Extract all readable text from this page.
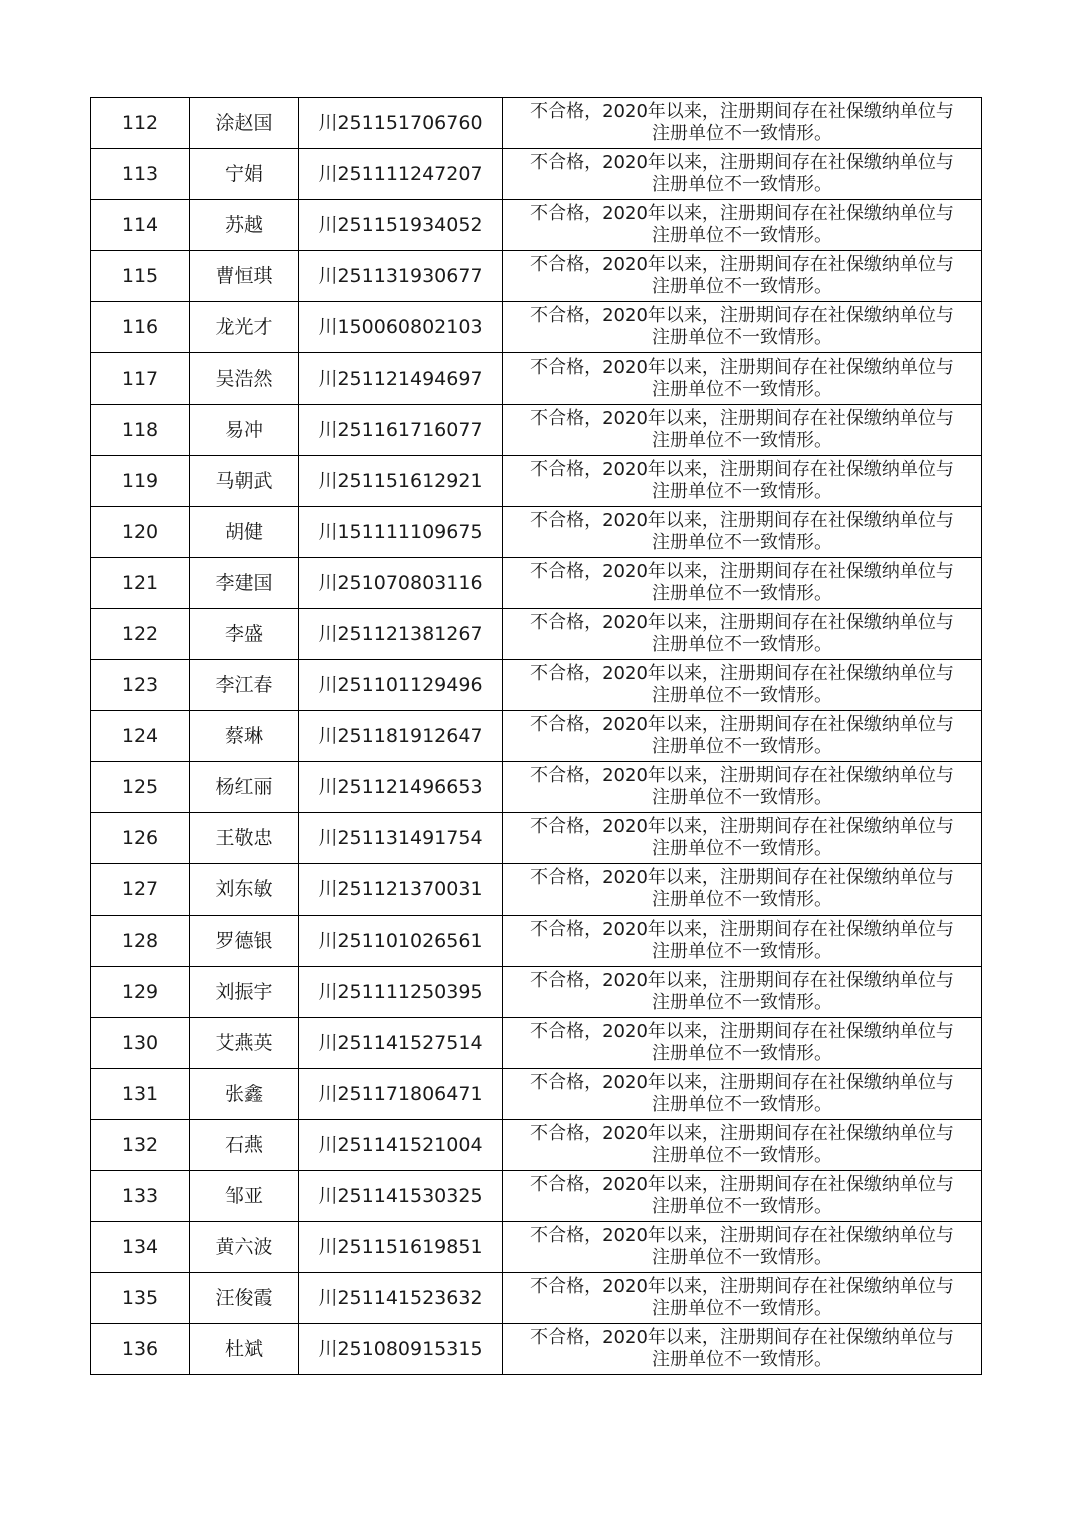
112	涂赵国	川251151706760	不合格，2020年以来，注册期间存在社保缴纳单位与
注册单位不一致情形。

113	宁娟	川251111247207	不合格，2020年以来，注册期间存在社保缴纳单位与
注册单位不一致情形。

114	苏越	川251151934052	不合格，2020年以来，注册期间存在社保缴纳单位与
注册单位不一致情形。

115	曹恒琪	川251131930677	不合格，2020年以来，注册期间存在社保缴纳单位与
注册单位不一致情形。

116	龙光才	川150060802103	不合格，2020年以来，注册期间存在社保缴纳单位与
注册单位不一致情形。

117	吴浩然	川251121494697	不合格，2020年以来，注册期间存在社保缴纳单位与
注册单位不一致情形。

118	易冲	川251161716077	不合格，2020年以来，注册期间存在社保缴纳单位与
注册单位不一致情形。

119	马朝武	川251151612921	不合格，2020年以来，注册期间存在社保缴纳单位与
注册单位不一致情形。

120	胡健	川151111109675	不合格，2020年以来，注册期间存在社保缴纳单位与
注册单位不一致情形。

121	李建国	川251070803116	不合格，2020年以来，注册期间存在社保缴纳单位与
注册单位不一致情形。

122	李盛	川251121381267	不合格，2020年以来，注册期间存在社保缴纳单位与
注册单位不一致情形。

123	李江春	川251101129496	不合格，2020年以来，注册期间存在社保缴纳单位与
注册单位不一致情形。

124	蔡琳	川251181912647	不合格，2020年以来，注册期间存在社保缴纳单位与
注册单位不一致情形。

125	杨红丽	川251121496653	不合格，2020年以来，注册期间存在社保缴纳单位与
注册单位不一致情形。

126	王敬忠	川251131491754	不合格，2020年以来，注册期间存在社保缴纳单位与
注册单位不一致情形。

127	刘东敏	川251121370031	不合格，2020年以来，注册期间存在社保缴纳单位与
注册单位不一致情形。

128	罗德银	川251101026561	不合格，2020年以来，注册期间存在社保缴纳单位与
注册单位不一致情形。

129	刘振宇	川251111250395	不合格，2020年以来，注册期间存在社保缴纳单位与
注册单位不一致情形。

130	艾燕英	川251141527514	不合格，2020年以来，注册期间存在社保缴纳单位与
注册单位不一致情形。

131	张鑫	川251171806471	不合格，2020年以来，注册期间存在社保缴纳单位与
注册单位不一致情形。

132	石燕	川251141521004	不合格，2020年以来，注册期间存在社保缴纳单位与
注册单位不一致情形。

133	邹亚	川251141530325	不合格，2020年以来，注册期间存在社保缴纳单位与
注册单位不一致情形。

134	黄六波	川251151619851	不合格，2020年以来，注册期间存在社保缴纳单位与
注册单位不一致情形。

135	汪俊霞	川251141523632	不合格，2020年以来，注册期间存在社保缴纳单位与
注册单位不一致情形。

136	杜斌	川251080915315	不合格，2020年以来，注册期间存在社保缴纳单位与
注册单位不一致情形。
